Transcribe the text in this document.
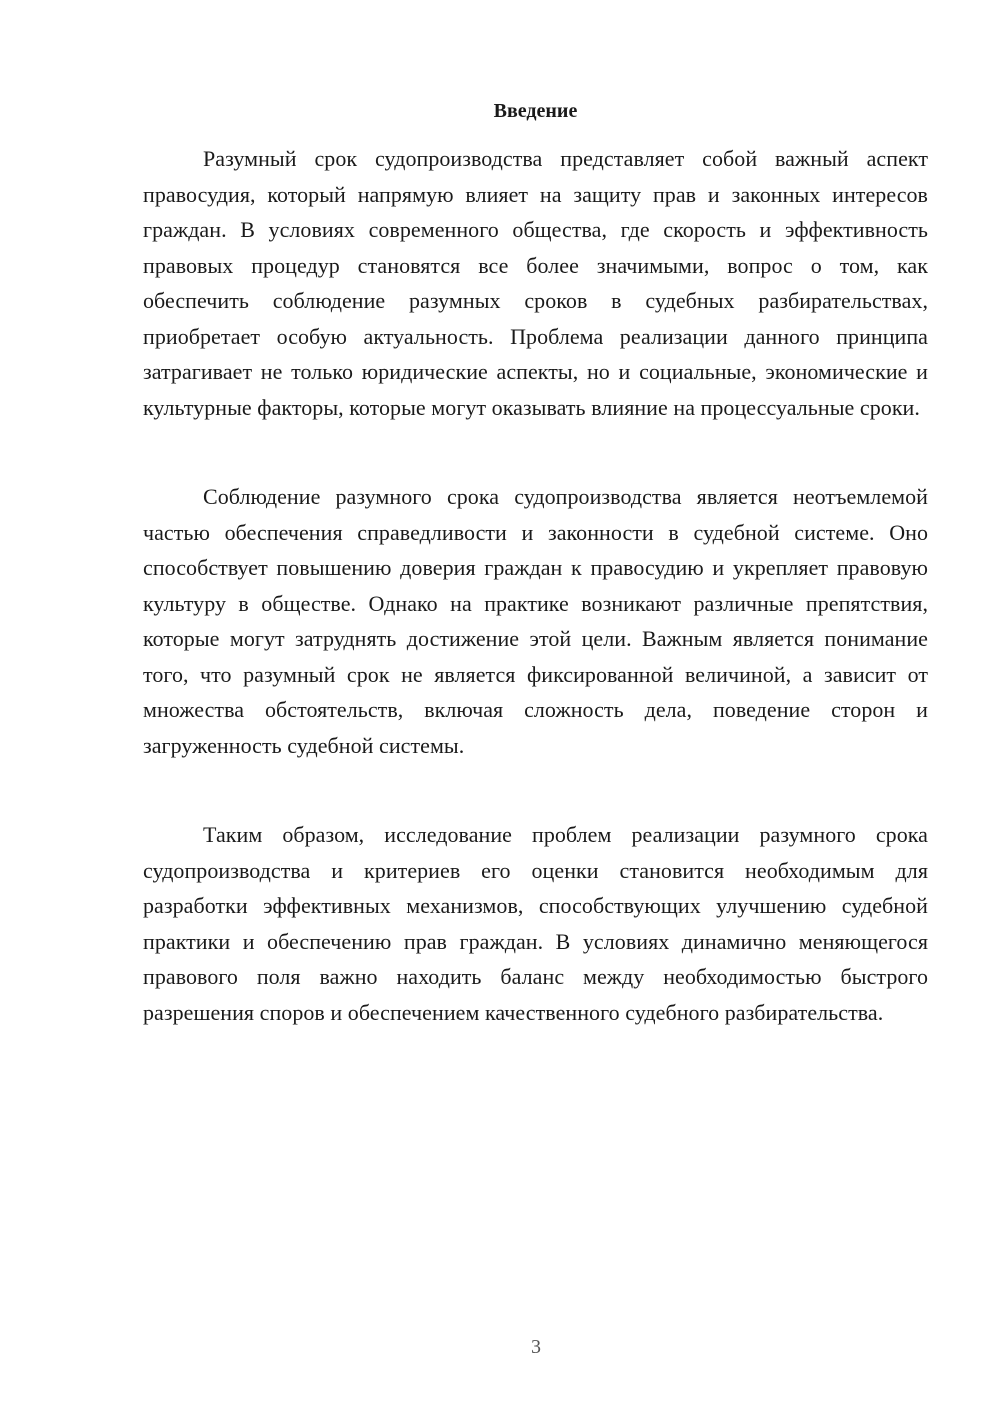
Введение

Разумный срок судопроизводства представляет собой важный аспект правосудия, который напрямую влияет на защиту прав и законных интересов граждан. В условиях современного общества, где скорость и эффективность правовых процедур становятся все более значимыми, вопрос о том, как обеспечить соблюдение разумных сроков в судебных разбирательствах, приобретает особую актуальность. Проблема реализации данного принципа затрагивает не только юридические аспекты, но и социальные, экономические и культурные факторы, которые могут оказывать влияние на процессуальные сроки.

Соблюдение разумного срока судопроизводства является неотъемлемой частью обеспечения справедливости и законности в судебной системе. Оно способствует повышению доверия граждан к правосудию и укрепляет правовую культуру в обществе. Однако на практике возникают различные препятствия, которые могут затруднять достижение этой цели. Важным является понимание того, что разумный срок не является фиксированной величиной, а зависит от множества обстоятельств, включая сложность дела, поведение сторон и загруженность судебной системы.

Таким образом, исследование проблем реализации разумного срока судопроизводства и критериев его оценки становится необходимым для разработки эффективных механизмов, способствующих улучшению судебной практики и обеспечению прав граждан. В условиях динамично меняющегося правового поля важно находить баланс между необходимостью быстрого разрешения споров и обеспечением качественного судебного разбирательства.

3
